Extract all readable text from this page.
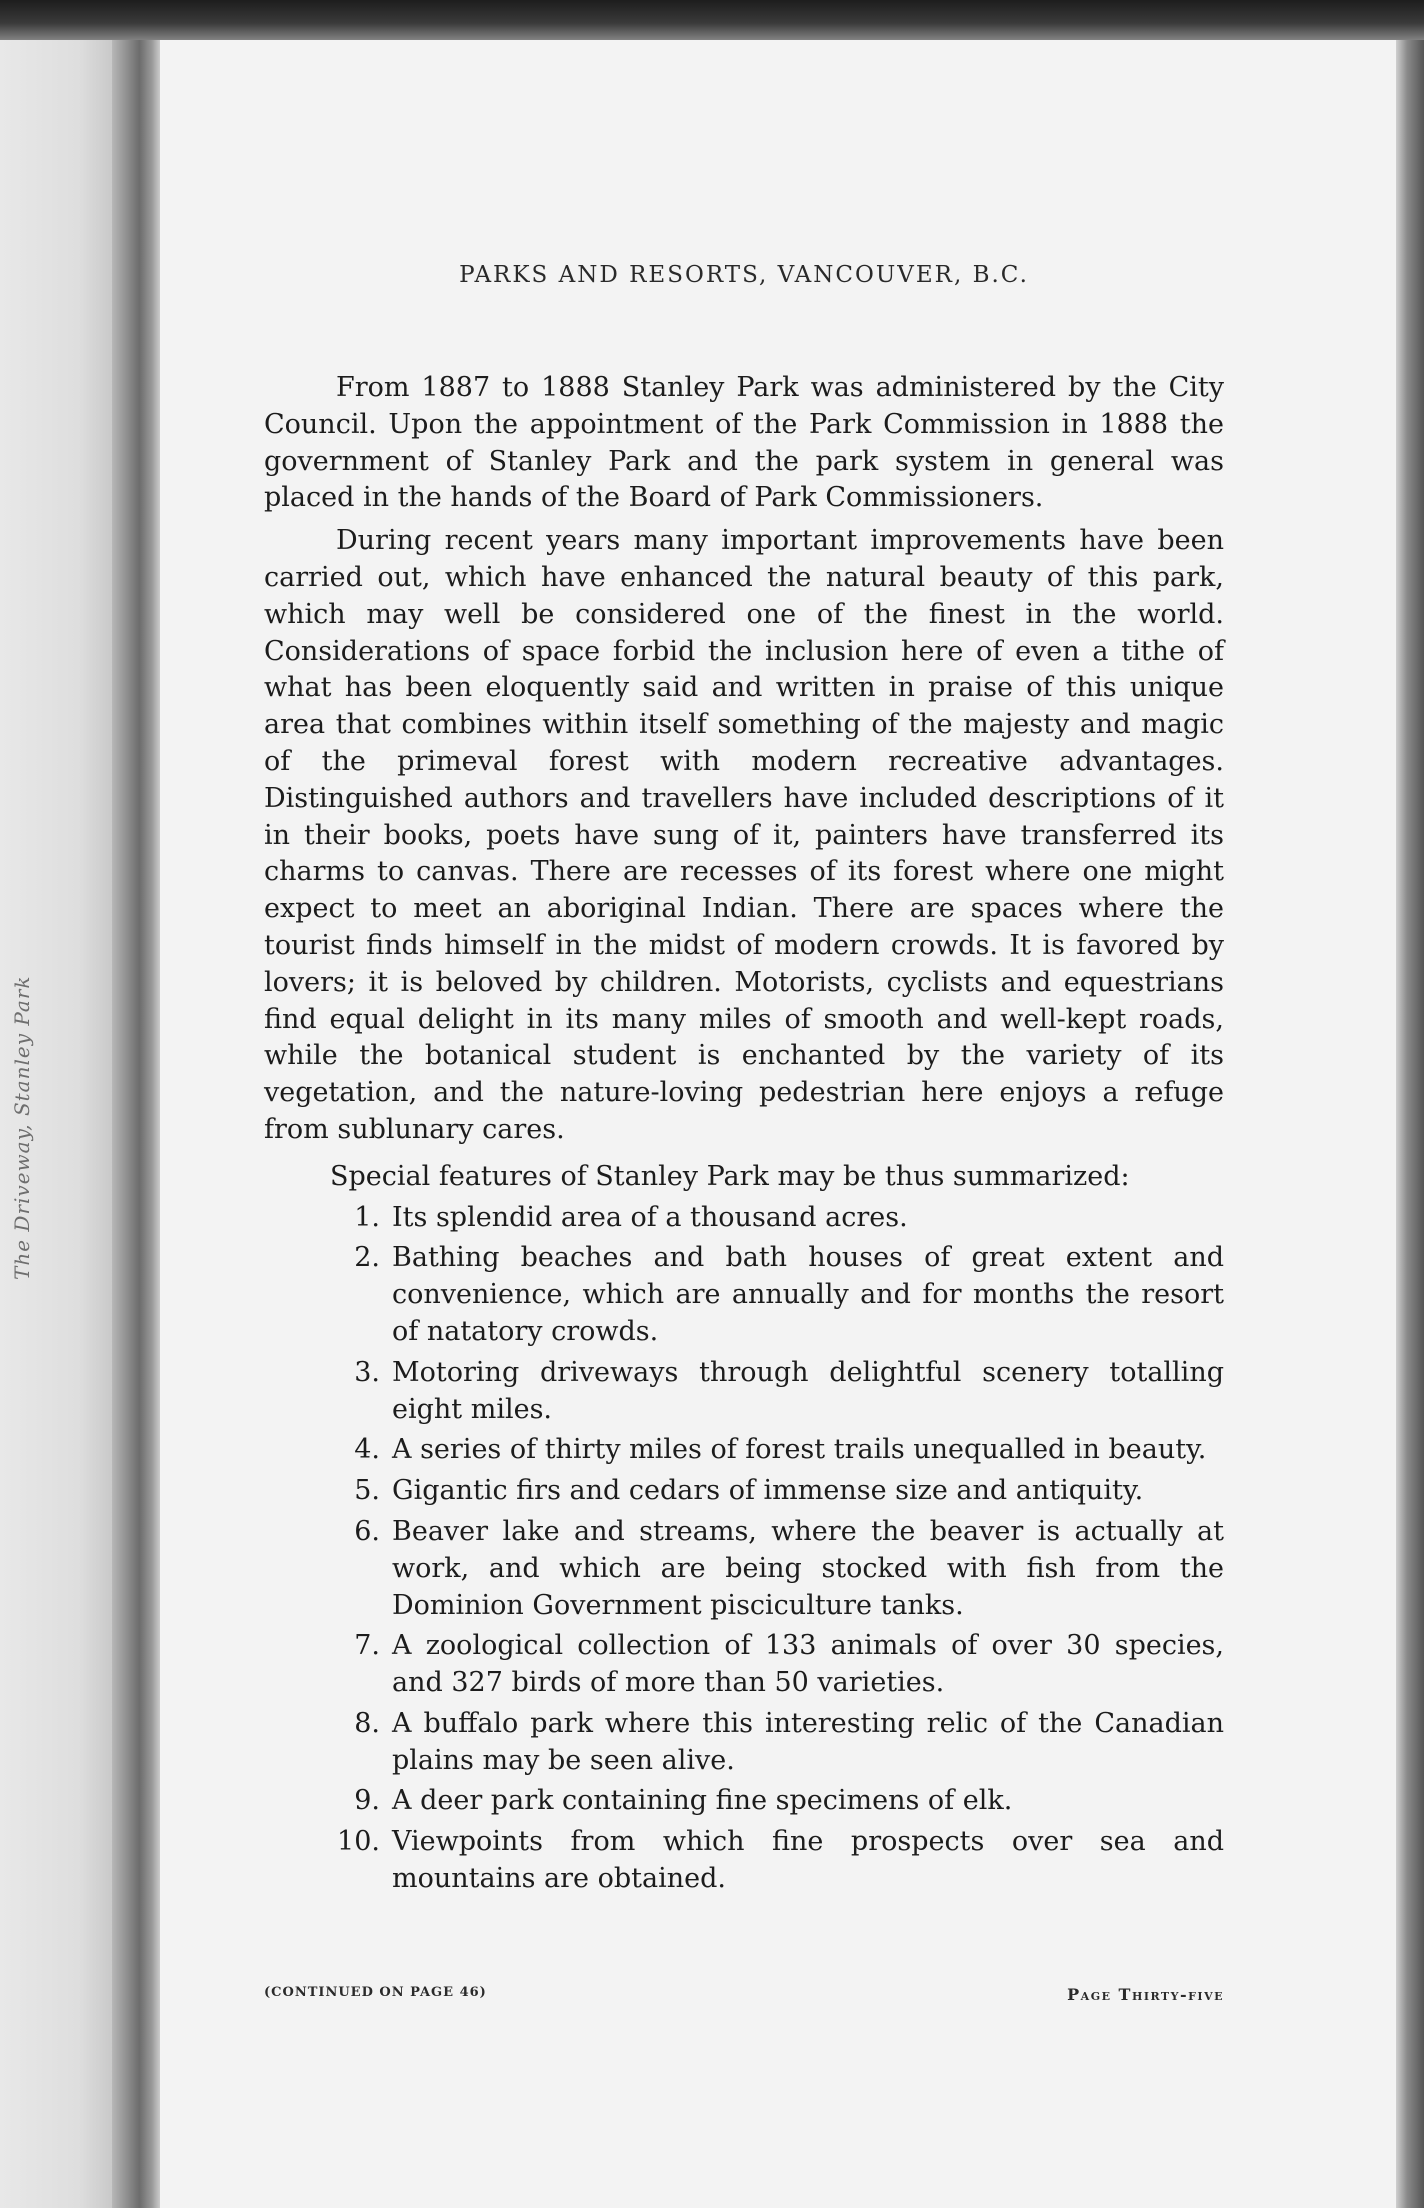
The Driveway, Stanley Park
PARKS AND RESORTS, VANCOUVER, B.C.

From 1887 to 1888 Stanley Park was administered by the City Council. Upon the appointment of the Park Commission in 1888 the government of Stanley Park and the park system in general was placed in the hands of the Board of Park Commissioners.

During recent years many important improvements have been carried out, which have enhanced the natural beauty of this park, which may well be considered one of the finest in the world. Considerations of space forbid the inclusion here of even a tithe of what has been eloquently said and written in praise of this unique area that combines within itself something of the majesty and magic of the primeval forest with modern recreative advantages. Distinguished authors and travellers have included descriptions of it in their books, poets have sung of it, painters have transferred its charms to canvas. There are recesses of its forest where one might expect to meet an aboriginal Indian. There are spaces where the tourist finds himself in the midst of modern crowds. It is favored by lovers; it is beloved by children. Motorists, cyclists and equestrians find equal delight in its many miles of smooth and well-kept roads, while the botanical student is enchanted by the variety of its vegetation, and the nature-loving pedestrian here enjoys a refuge from sublunary cares.

Special features of Stanley Park may be thus summarized:

1. Its splendid area of a thousand acres.
2. Bathing beaches and bath houses of great extent and convenience, which are annually and for months the resort of natatory crowds.
3. Motoring driveways through delightful scenery totalling eight miles.
4. A series of thirty miles of forest trails unequalled in beauty.
5. Gigantic firs and cedars of immense size and antiquity.
6. Beaver lake and streams, where the beaver is actually at work, and which are being stocked with fish from the Dominion Government pisciculture tanks.
7. A zoological collection of 133 animals of over 30 species, and 327 birds of more than 50 varieties.
8. A buffalo park where this interesting relic of the Canadian plains may be seen alive.
9. A deer park containing fine specimens of elk.
10. Viewpoints from which fine prospects over sea and mountains are obtained.
(CONTINUED ON PAGE 46)	Page Thirty-five
